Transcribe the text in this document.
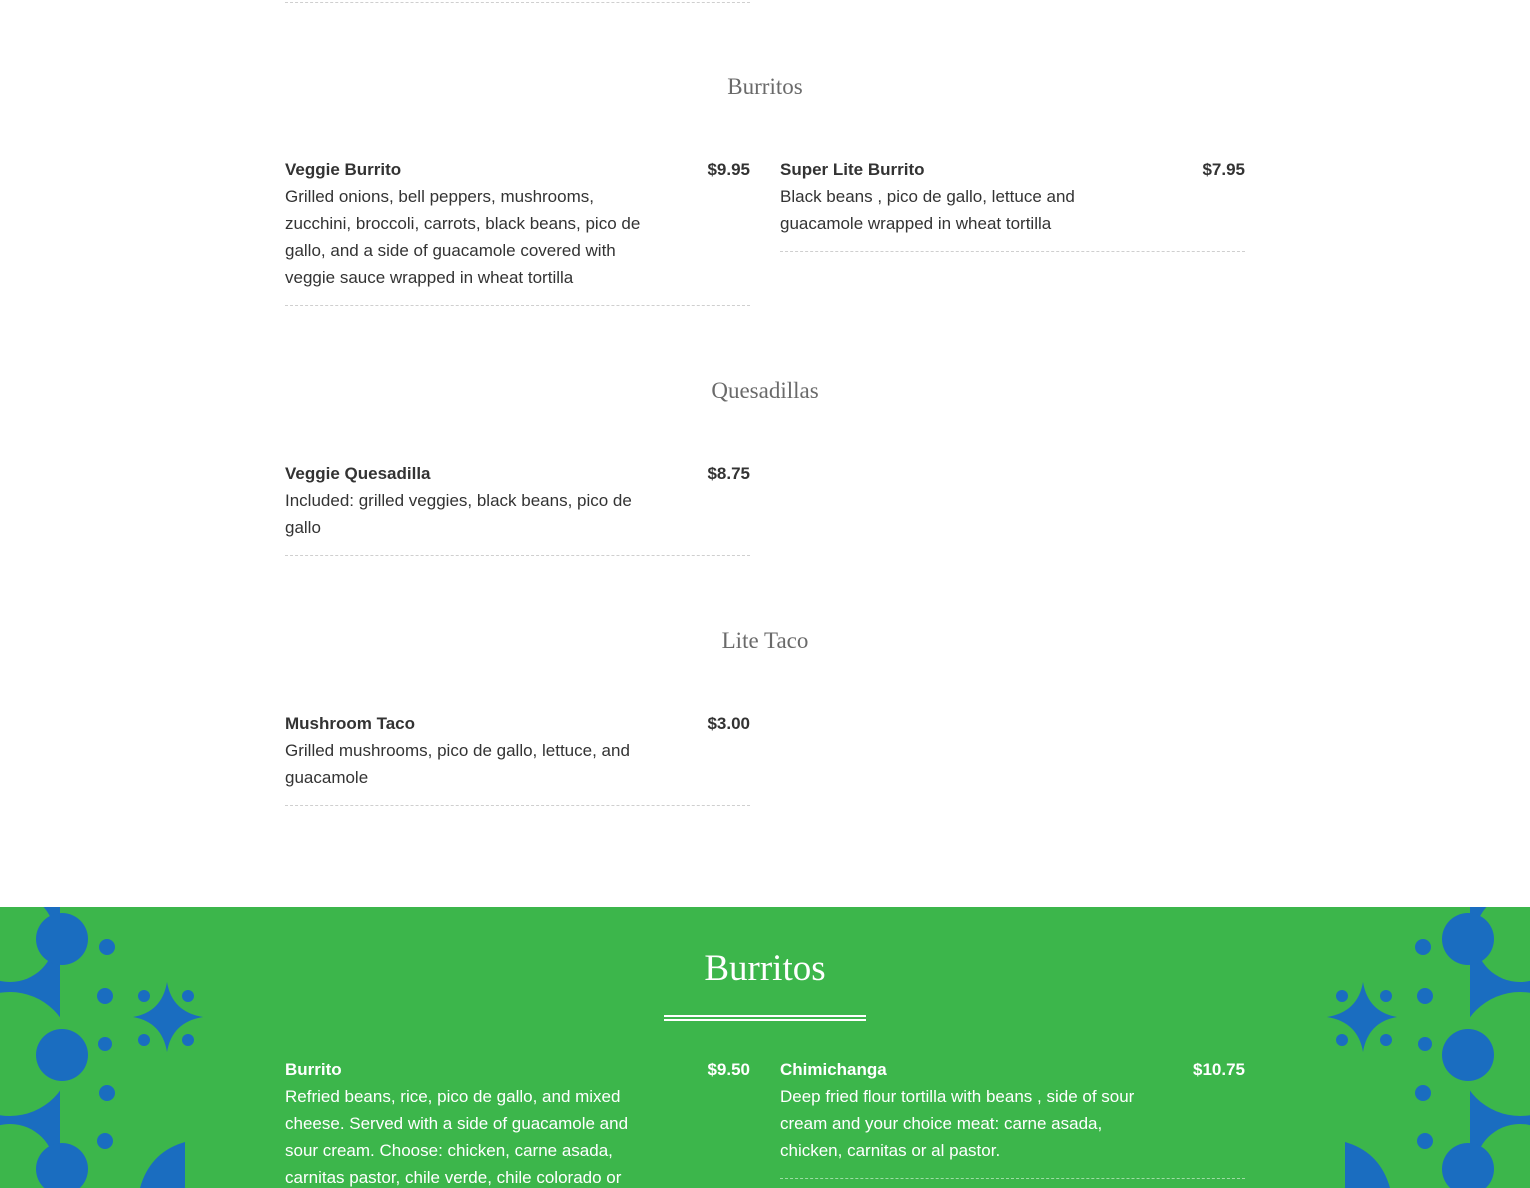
Burritos
Veggie Burrito	$9.95
Grilled onions, bell peppers, mushrooms, zucchini, broccoli, carrots, black beans, pico de gallo, and a side of guacamole covered with veggie sauce wrapped in wheat tortilla
Super Lite Burrito	$7.95
Black beans , pico de gallo, lettuce and guacamole wrapped in wheat tortilla
Quesadillas
Veggie Quesadilla	$8.75
Included: grilled veggies, black beans, pico de gallo
Lite Taco
Mushroom Taco	$3.00
Grilled mushrooms, pico de gallo, lettuce, and guacamole
Burritos
Burrito	$9.50
Refried beans, rice, pico de gallo, and mixed cheese. Served with a side of guacamole and sour cream. Choose: chicken, carne asada, carnitas pastor, chile verde, chile colorado or
Chimichanga	$10.75
Deep fried flour tortilla with beans , side of sour cream and your choice meat: carne asada, chicken, carnitas or al pastor.
